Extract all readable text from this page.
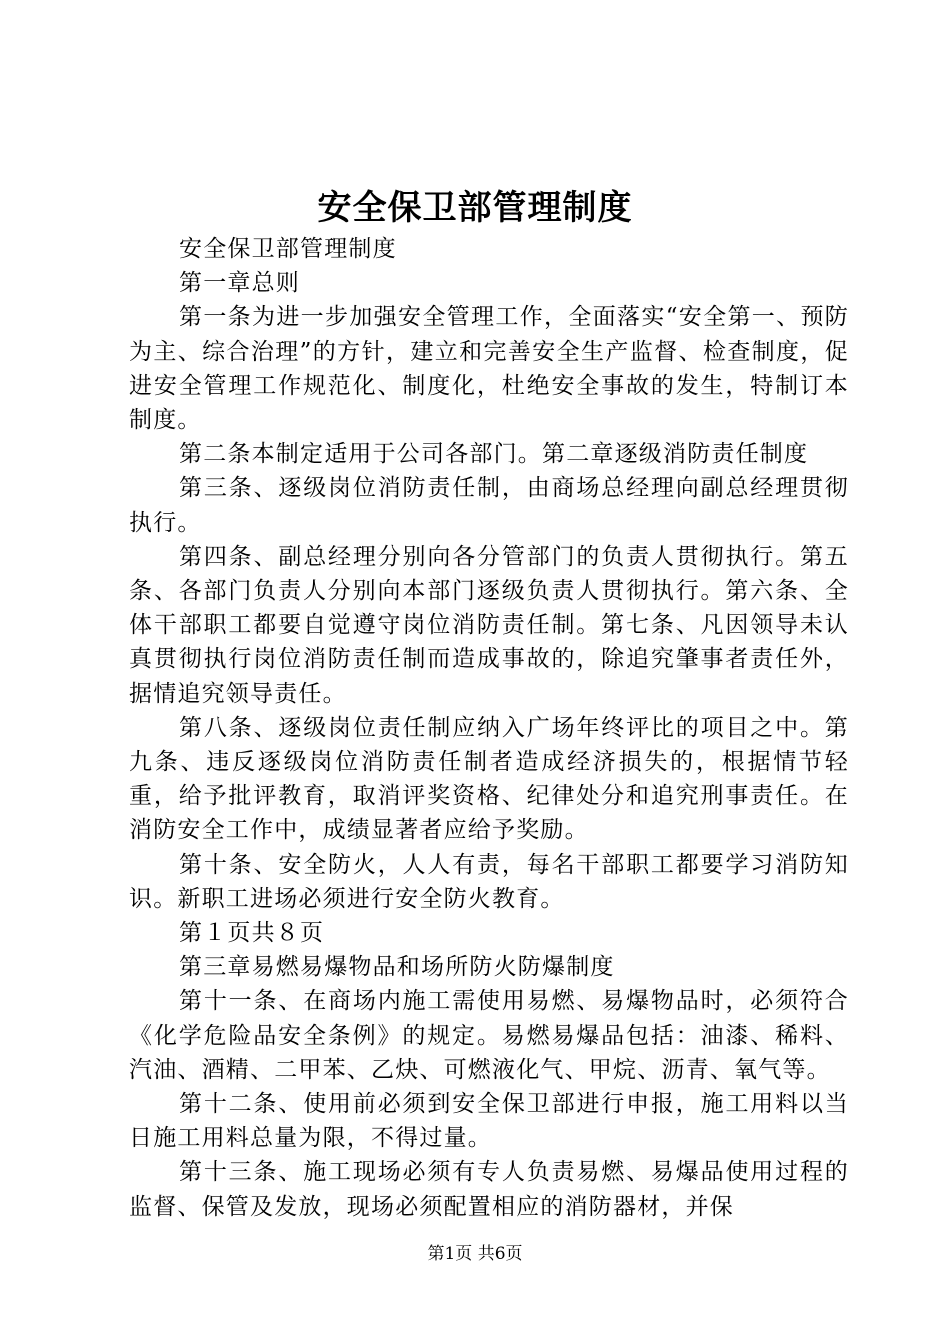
安全保卫部管理制度

安全保卫部管理制度

第一章总则

第一条为进一步加强安全管理工作，全面落实“安全第一、预防为主、综合治理”的方针，建立和完善安全生产监督、检查制度，促进安全管理工作规范化、制度化，杜绝安全事故的发生，特制订本制度。

第二条本制定适用于公司各部门。第二章逐级消防责任制度

第三条、逐级岗位消防责任制，由商场总经理向副总经理贯彻执行。

第四条、副总经理分别向各分管部门的负责人贯彻执行。第五条、各部门负责人分别向本部门逐级负责人贯彻执行。第六条、全体干部职工都要自觉遵守岗位消防责任制。第七条、凡因领导未认真贯彻执行岗位消防责任制而造成事故的，除追究肇事者责任外，据情追究领导责任。

第八条、逐级岗位责任制应纳入广场年终评比的项目之中。第九条、违反逐级岗位消防责任制者造成经济损失的，根据情节轻重，给予批评教育，取消评奖资格、纪律处分和追究刑事责任。在消防安全工作中，成绩显著者应给予奖励。

第十条、安全防火，人人有责，每名干部职工都要学习消防知识。新职工进场必须进行安全防火教育。

第１页共８页

第三章易燃易爆物品和场所防火防爆制度

第十一条、在商场内施工需使用易燃、易爆物品时，必须符合《化学危险品安全条例》的规定。易燃易爆品包括：油漆、稀料、汽油、酒精、二甲苯、乙炔、可燃液化气、甲烷、沥青、氧气等。

第十二条、使用前必须到安全保卫部进行申报，施工用料以当日施工用料总量为限，不得过量。

第十三条、施工现场必须有专人负责易燃、易爆品使用过程的监督、保管及发放，现场必须配置相应的消防器材，并保

第1页 共6页
